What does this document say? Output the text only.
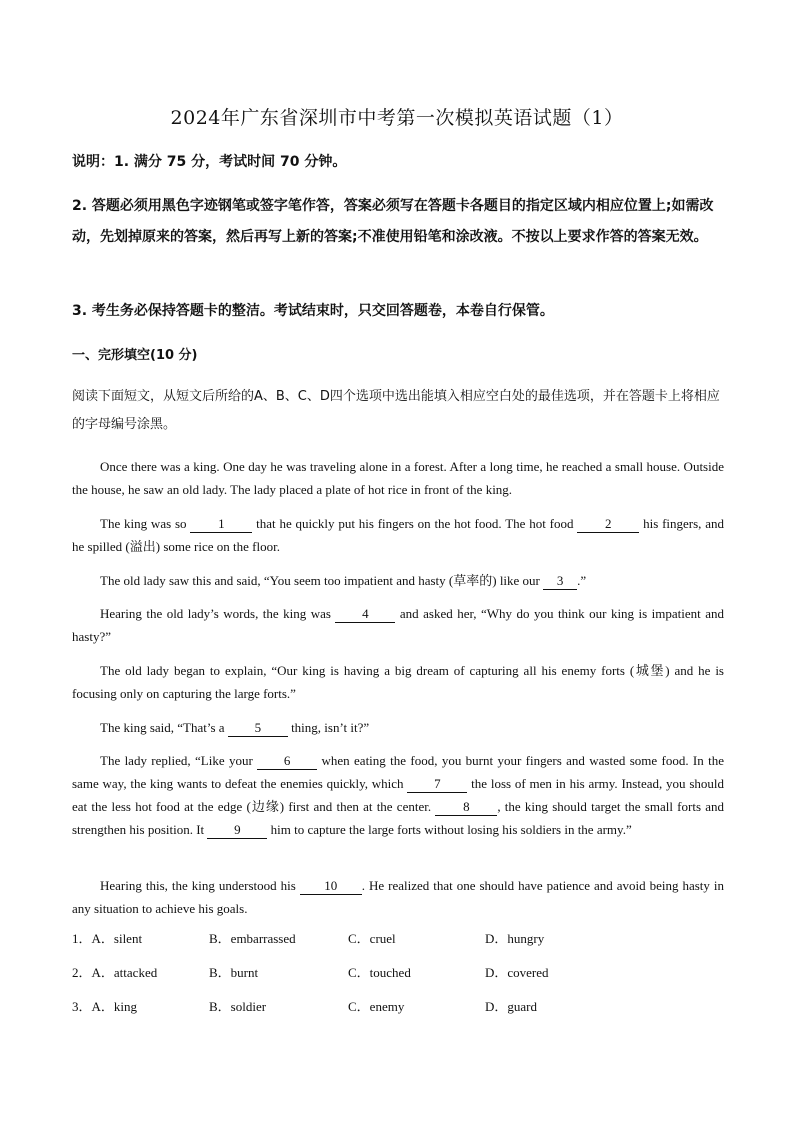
2024年广东省深圳市中考第一次模拟英语试题（1）
说明：1. 满分 75 分，考试时间 70 分钟。
2. 答题必须用黑色字迹钢笔或签字笔作答，答案必须写在答题卡各题目的指定区域内相应位置上;如需改动，先划掉原来的答案，然后再写上新的答案;不准使用铅笔和涂改液。不按以上要求作答的答案无效。
3. 考生务必保持答题卡的整洁。考试结束时，只交回答题卷，本卷自行保管。
一、完形填空(10 分)
阅读下面短文，从短文后所给的A、B、C、D四个选项中选出能填入相应空白处的最佳选项，并在答题卡上将相应的字母编号涂黑。
Once there was a king. One day he was traveling alone in a forest. After a long time, he reached a small house. Outside the house, he saw an old lady. The lady placed a plate of hot rice in front of the king.
The king was so 1 that he quickly put his fingers on the hot food. The hot food 2 his fingers, and he spilled (溢出) some rice on the floor.
The old lady saw this and said, “You seem too impatient and hasty (草率的) like our 3 .”
Hearing the old lady’s words, the king was 4 and asked her, “Why do you think our king is impatient and hasty?”
The old lady began to explain, “Our king is having a big dream of capturing all his enemy forts (城堡) and he is focusing only on capturing the large forts.”
The king said, “That’s a 5 thing, isn’t it?”
The lady replied, “Like your 6 when eating the food, you burnt your fingers and wasted some food. In the same way, the king wants to defeat the enemies quickly, which 7 the loss of men in his army. Instead, you should eat the less hot food at the edge (边缘) first and then at the center. 8 , the king should target the small forts and strengthen his position. It 9 him to capture the large forts without losing his soldiers in the army.”
Hearing this, the king understood his 10 . He realized that one should have patience and avoid being hasty in any situation to achieve his goals.
1．A．silent	B．embarrassed	C．cruel	D．hungry
2．A．attacked	B．burnt	C．touched	D．covered
3．A．king	B．soldier	C．enemy	D．guard
